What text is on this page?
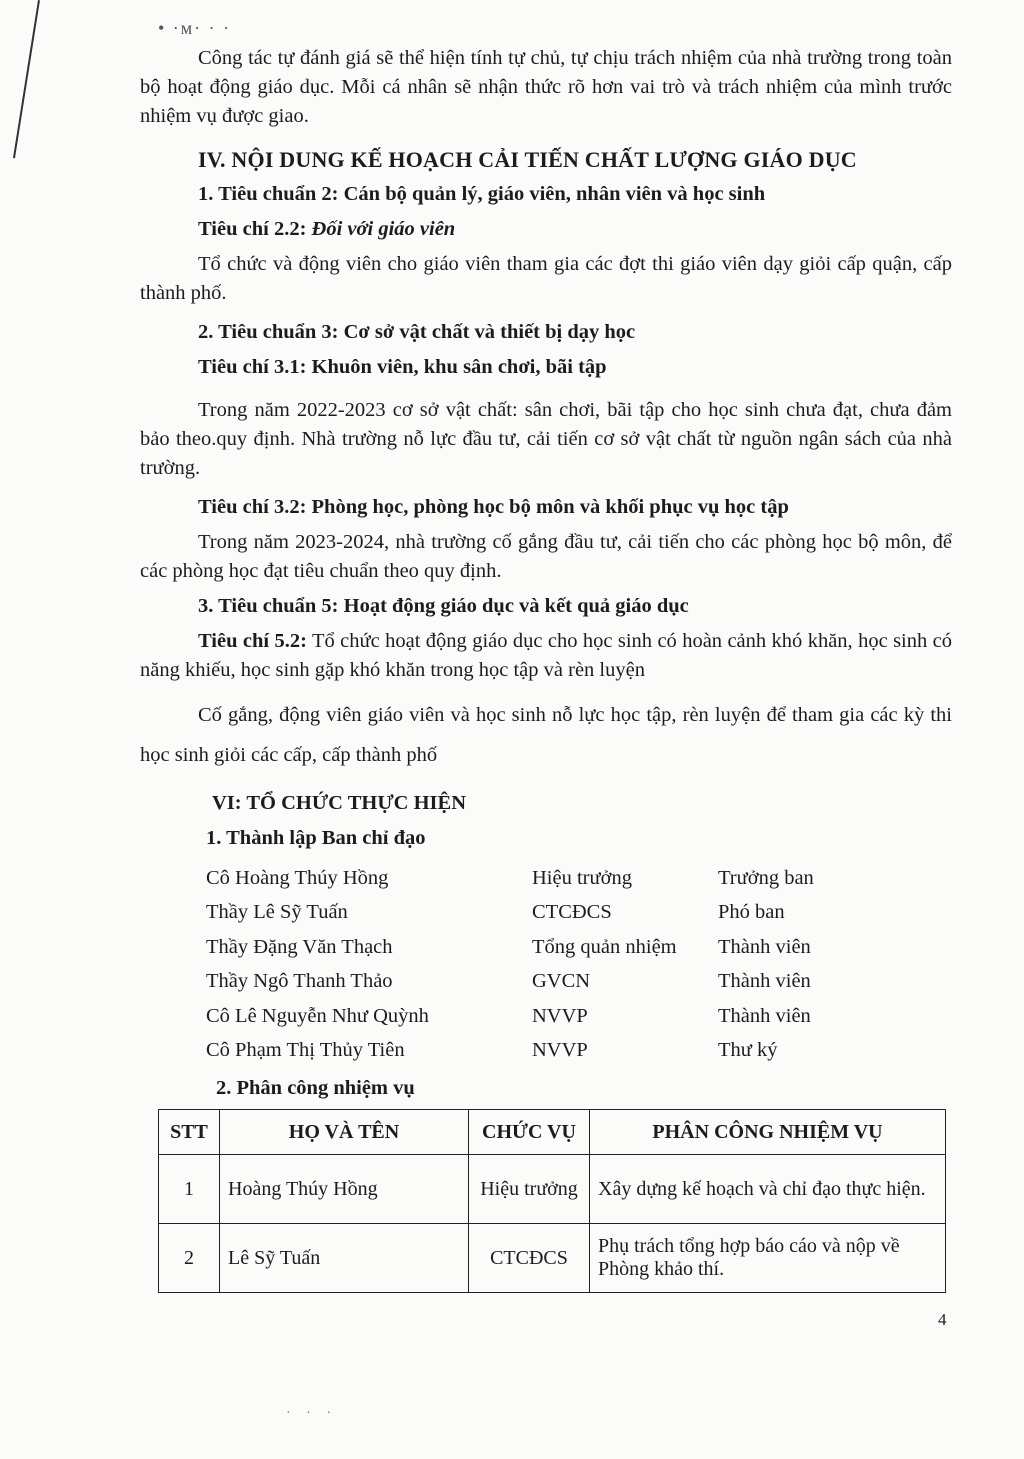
• ·м· · ·

Công tác tự đánh giá sẽ thể hiện tính tự chủ, tự chịu trách nhiệm của nhà trường trong toàn bộ hoạt động giáo dục. Mỗi cá nhân sẽ nhận thức rõ hơn vai trò và trách nhiệm của mình trước nhiệm vụ được giao.

IV. NỘI DUNG KẾ HOẠCH CẢI TIẾN CHẤT LƯỢNG GIÁO DỤC

1. Tiêu chuẩn 2: Cán bộ quản lý, giáo viên, nhân viên và học sinh

Tiêu chí 2.2: Đối với giáo viên

Tổ chức và động viên cho giáo viên tham gia các đợt thi giáo viên dạy giỏi cấp quận, cấp thành phố.

2. Tiêu chuẩn 3: Cơ sở vật chất và thiết bị dạy học

Tiêu chí 3.1: Khuôn viên, khu sân chơi, bãi tập

Trong năm 2022-2023 cơ sở vật chất: sân chơi, bãi tập cho học sinh chưa đạt, chưa đảm bảo theo.quy định. Nhà trường nỗ lực đầu tư, cải tiến cơ sở vật chất từ nguồn ngân sách của nhà trường.

Tiêu chí 3.2: Phòng học, phòng học bộ môn và khối phục vụ học tập

Trong năm 2023-2024, nhà trường cố gắng đầu tư, cải tiến cho các phòng học bộ môn, để các phòng học đạt tiêu chuẩn theo quy định.

3. Tiêu chuẩn 5: Hoạt động giáo dục và kết quả giáo dục

Tiêu chí 5.2: Tổ chức hoạt động giáo dục cho học sinh có hoàn cảnh khó khăn, học sinh có năng khiếu, học sinh gặp khó khăn trong học tập và rèn luyện

Cố gắng, động viên giáo viên và học sinh nỗ lực học tập, rèn luyện để tham gia các kỳ thi học sinh giỏi các cấp, cấp thành phố

VI: TỔ CHỨC THỰC HIỆN

1. Thành lập Ban chỉ đạo

Cô Hoàng Thúy Hồng	Hiệu trưởng	Trưởng ban
Thầy Lê Sỹ Tuấn	CTCĐCS	Phó ban
Thầy Đặng Văn Thạch	Tổng quản nhiệm	Thành viên
Thầy Ngô Thanh Thảo	GVCN	Thành viên
Cô Lê Nguyễn Như Quỳnh	NVVP	Thành viên
Cô Phạm Thị Thủy Tiên	NVVP	Thư ký

2. Phân công nhiệm vụ

STT	HỌ VÀ TÊN	CHỨC VỤ	PHÂN CÔNG NHIỆM VỤ
1	Hoàng Thúy Hồng	Hiệu trưởng	Xây dựng kế hoạch và chỉ đạo thực hiện.
2	Lê Sỹ Tuấn	CTCĐCS	Phụ trách tổng hợp báo cáo và nộp về Phòng khảo thí.
4
· · ·
